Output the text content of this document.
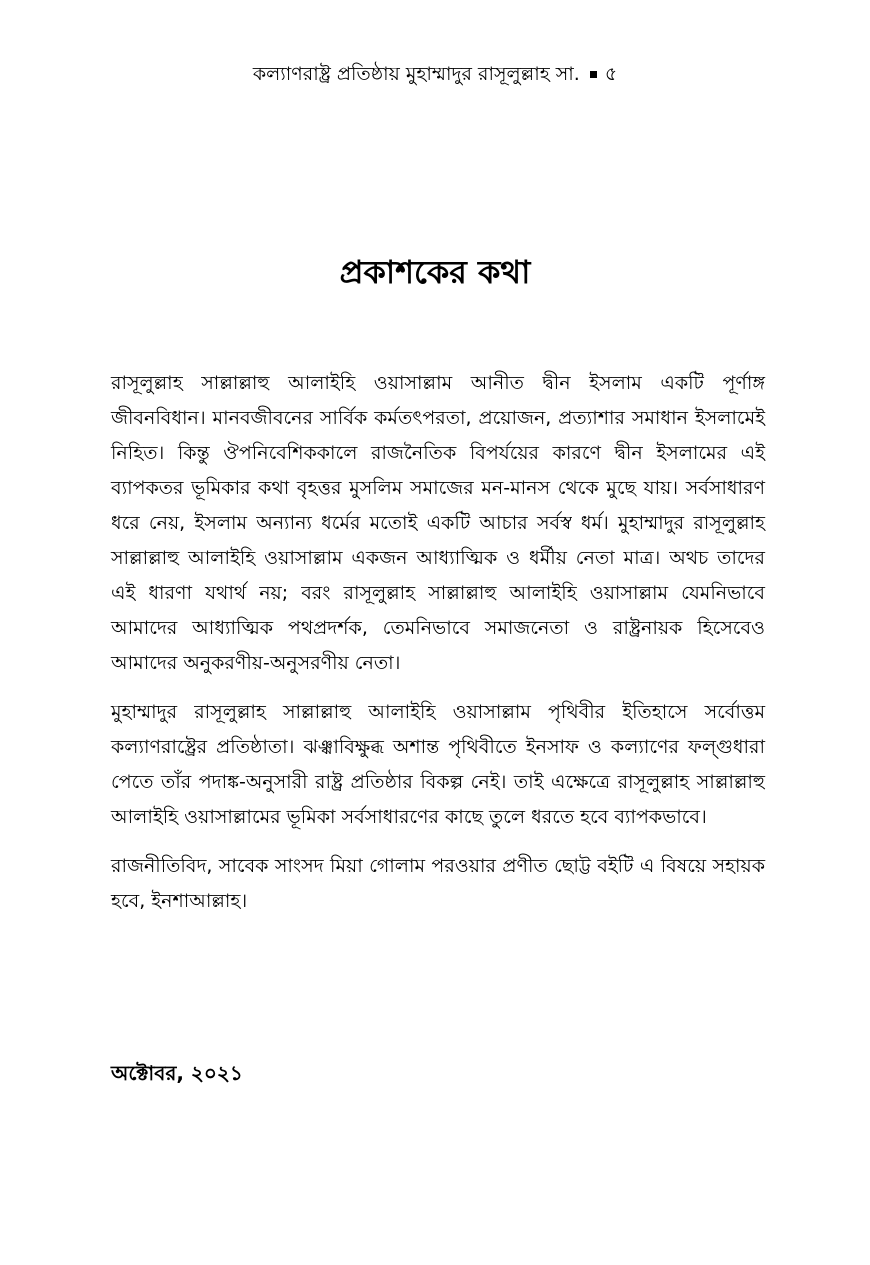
কল্যাণরাষ্ট্র প্রতিষ্ঠায় মুহাম্মাদুর রাসূলুল্লাহ সা. ৫
প্রকাশকের কথা

রাসূলুল্লাহ সাল্লাল্লাহু আলাইহি ওয়াসাল্লাম আনীত দ্বীন ইসলাম একটি পূর্ণাঙ্গ জীবনবিধান। মানবজীবনের সার্বিক কর্মতৎপরতা, প্রয়োজন, প্রত্যাশার সমাধান ইসলামেই নিহিত। কিন্তু ঔপনিবেশিককালে রাজনৈতিক বিপর্যয়ের কারণে দ্বীন ইসলামের এই ব্যাপকতর ভূমিকার কথা বৃহত্তর মুসলিম সমাজের মন-মানস থেকে মুছে যায়। সর্বসাধারণ ধরে নেয়, ইসলাম অন্যান্য ধর্মের মতোই একটি আচার সর্বস্ব ধর্ম। মুহাম্মাদুর রাসূলুল্লাহ সাল্লাল্লাহু আলাইহি ওয়াসাল্লাম একজন আধ্যাত্মিক ও ধর্মীয় নেতা মাত্র। অথচ তাদের এই ধারণা যথার্থ নয়; বরং রাসূলুল্লাহ সাল্লাল্লাহু আলাইহি ওয়াসাল্লাম যেমনিভাবে আমাদের আধ্যাত্মিক পথপ্রদর্শক, তেমনিভাবে সমাজনেতা ও রাষ্ট্রনায়ক হিসেবেও আমাদের অনুকরণীয়-অনুসরণীয় নেতা।

মুহাম্মাদুর রাসূলুল্লাহ সাল্লাল্লাহু আলাইহি ওয়াসাল্লাম পৃথিবীর ইতিহাসে সর্বোত্তম কল্যাণরাষ্ট্রের প্রতিষ্ঠাতা। ঝঞ্ঝাবিক্ষুব্ধ অশান্ত পৃথিবীতে ইনসাফ ও কল্যাণের ফল্গুধারা পেতে তাঁর পদাঙ্ক-অনুসারী রাষ্ট্র প্রতিষ্ঠার বিকল্প নেই। তাই এক্ষেত্রে রাসূলুল্লাহ সাল্লাল্লাহু আলাইহি ওয়াসাল্লামের ভূমিকা সর্বসাধারণের কাছে তুলে ধরতে হবে ব্যাপকভাবে।

রাজনীতিবিদ, সাবেক সাংসদ মিয়া গোলাম পরওয়ার প্রণীত ছোট্ট বইটি এ বিষয়ে সহায়ক হবে, ইনশাআল্লাহ।

অক্টোবর, ২০২১
